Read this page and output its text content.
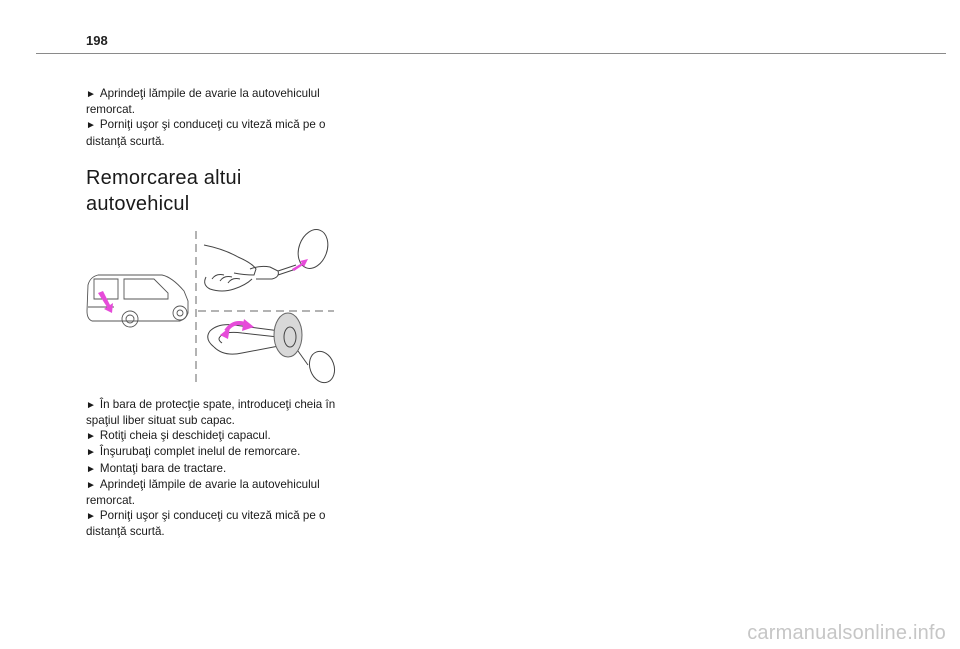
198

► Aprindeţi lămpile de avarie la autovehiculul remorcat.

► Porniţi uşor şi conduceţi cu viteză mică pe o distanţă scurtă.

Remorcarea altui autovehicul

► În bara de protecţie spate, introduceţi cheia în spaţiul liber situat sub capac.

► Rotiţi cheia şi deschideţi capacul.

► Înşurubaţi complet inelul de remorcare.

► Montaţi bara de tractare.

► Aprindeţi lămpile de avarie la autovehiculul remorcat.

► Porniţi uşor şi conduceţi cu viteză mică pe o distanţă scurtă.

carmanualsonline.info
